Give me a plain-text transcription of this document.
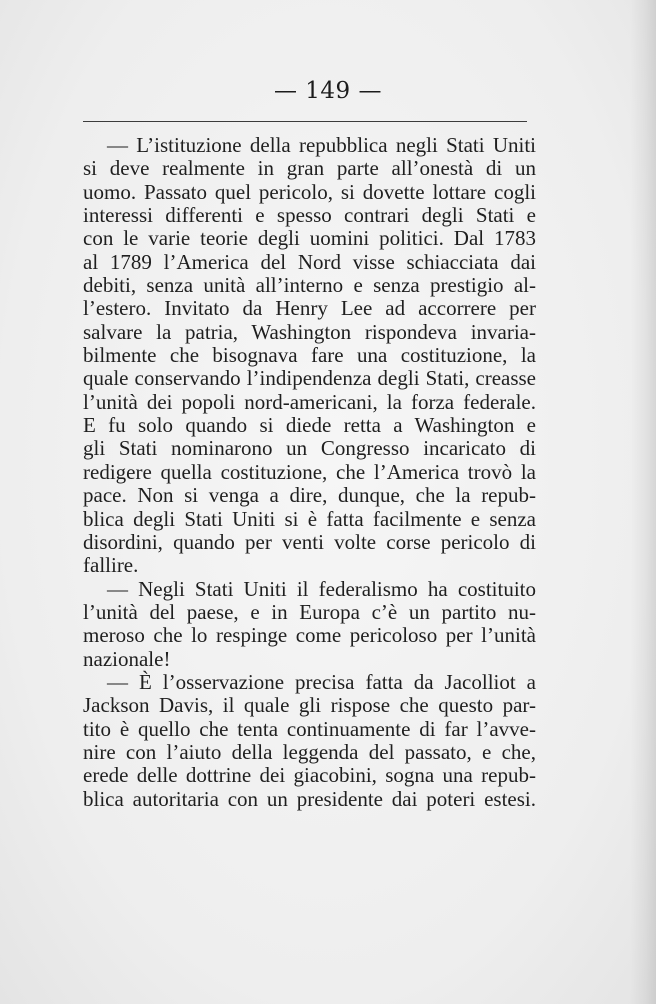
— 149 —
— L’istituzione della repubblica negli Stati Uniti
si deve realmente in gran parte all’onestà di un
uomo. Passato quel pericolo, si dovette lottare cogli
interessi differenti e spesso contrari degli Stati e
con le varie teorie degli uomini politici. Dal 1783
al 1789 l’America del Nord visse schiacciata dai
debiti, senza unità all’interno e senza prestigio al-
l’estero. Invitato da Henry Lee ad accorrere per
salvare la patria, Washington rispondeva invaria-
bilmente che bisognava fare una costituzione, la
quale conservando l’indipendenza degli Stati, creasse
l’unità dei popoli nord-americani, la forza federale.
E fu solo quando si diede retta a Washington e
gli Stati nominarono un Congresso incaricato di
redigere quella costituzione, che l’America trovò la
pace. Non si venga a dire, dunque, che la repub-
blica degli Stati Uniti si è fatta facilmente e senza
disordini, quando per venti volte corse pericolo di
fallire.
— Negli Stati Uniti il federalismo ha costituito
l’unità del paese, e in Europa c’è un partito nu-
meroso che lo respinge come pericoloso per l’unità
nazionale!
— È l’osservazione precisa fatta da Jacolliot a
Jackson Davis, il quale gli rispose che questo par-
tito è quello che tenta continuamente di far l’avve-
nire con l’aiuto della leggenda del passato, e che,
erede delle dottrine dei giacobini, sogna una repub-
blica autoritaria con un presidente dai poteri estesi.
